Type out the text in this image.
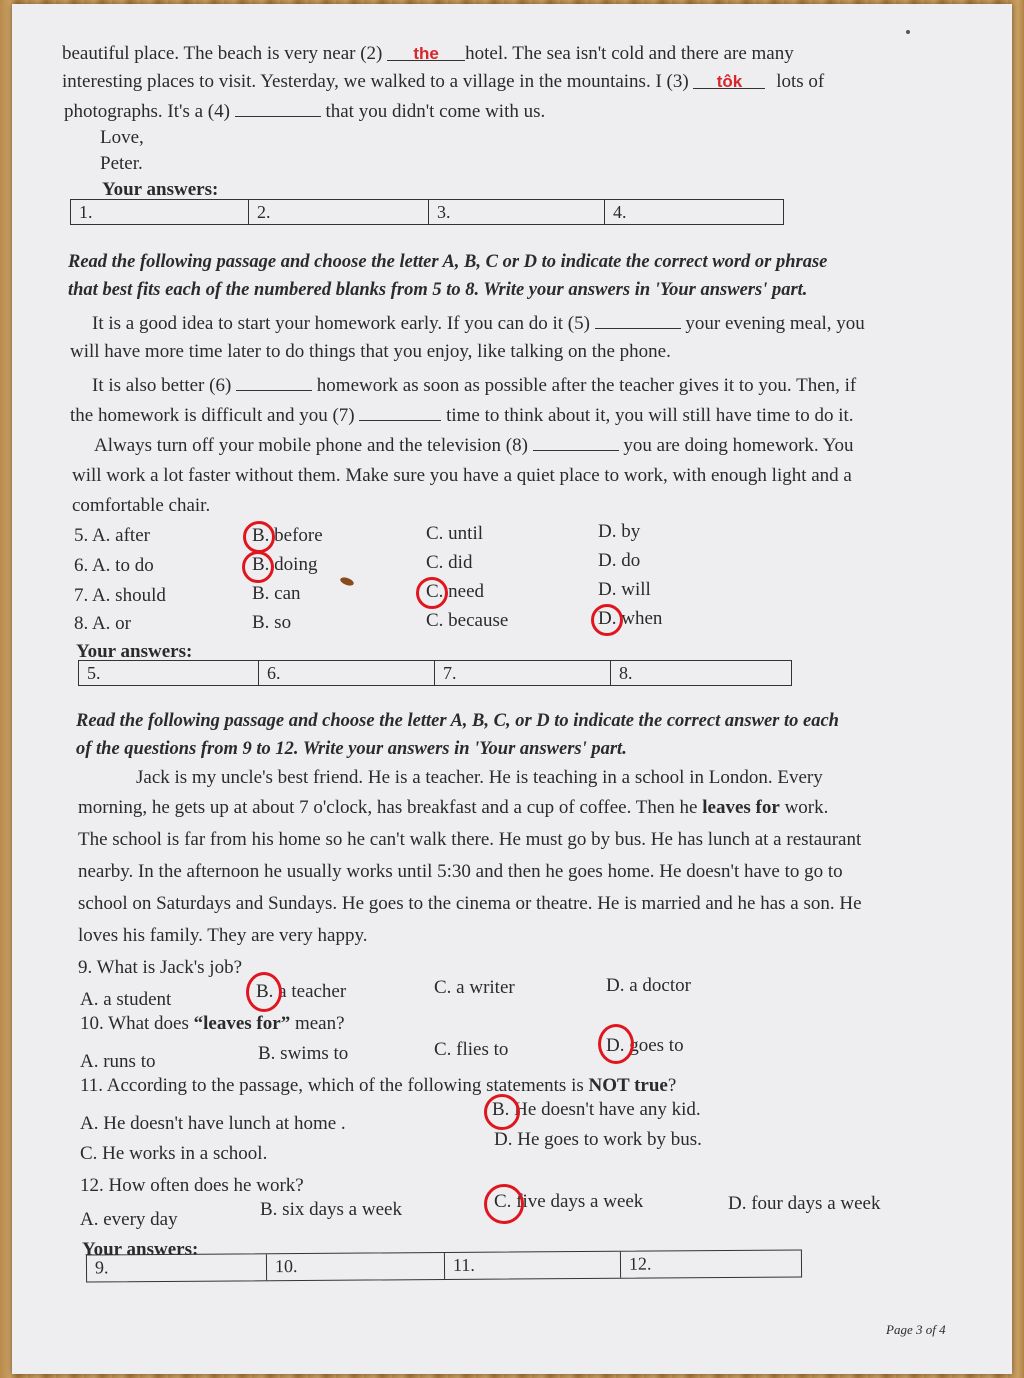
beautiful place. The beach is very near (2) the hotel. The sea isn't cold and there are many
interesting places to visit. Yesterday, we walked to a village in the mountains. I (3) tôk lots of
photographs. It's a (4)	that you didn't come with us.
Love,
Peter.
Your answers:
1.	2.	3.	4.
Read the following passage and choose the letter A, B, C or D to indicate the correct word or phrase
that best fits each of the numbered blanks from 5 to 8. Write your answers in 'Your answers' part.
It is a good idea to start your homework early. If you can do it (5)	your evening meal, you
will have more time later to do things that you enjoy, like talking on the phone.
It is also better (6)	homework as soon as possible after the teacher gives it to you. Then, if
the homework is difficult and you (7)	time to think about it, you will still have time to do it.
Always turn off your mobile phone and the television (8)	you are doing homework. You
will work a lot faster without them. Make sure you have a quiet place to work, with enough light and a
comfortable chair.
5. A. after	B. before	C. until	D. by
6. A. to do	B. doing	C. did	D. do
7. A. should	B. can	C. need	D. will
8. A. or	B. so	C. because	D. when
Your answers:
5.	6.	7.	8.
Read the following passage and choose the letter A, B, C, or D to indicate the correct answer to each
of the questions from 9 to 12. Write your answers in 'Your answers' part.
Jack is my uncle's best friend. He is a teacher. He is teaching in a school in London. Every
morning, he gets up at about 7 o'clock, has breakfast and a cup of coffee. Then he leaves for work.
The school is far from his home so he can't walk there. He must go by bus. He has lunch at a restaurant
nearby. In the afternoon he usually works until 5:30 and then he goes home. He doesn't have to go to
school on Saturdays and Sundays. He goes to the cinema or theatre. He is married and he has a son. He
loves his family. They are very happy.
9. What is Jack's job?
A. a student	B. a teacher	C. a writer	D. a doctor
10. What does “leaves for” mean?
A. runs to	B. swims to	C. flies to	D. goes to
11. According to the passage, which of the following statements is NOT true?
A. He doesn't have lunch at home .
B. He doesn't have any kid.
C. He works in a school.
D. He goes to work by bus.
12. How often does he work?
A. every day	B. six days a week	C. five days a week	D. four days a week
Your answers:
9.	10.	11.	12.
Page 3 of 4
